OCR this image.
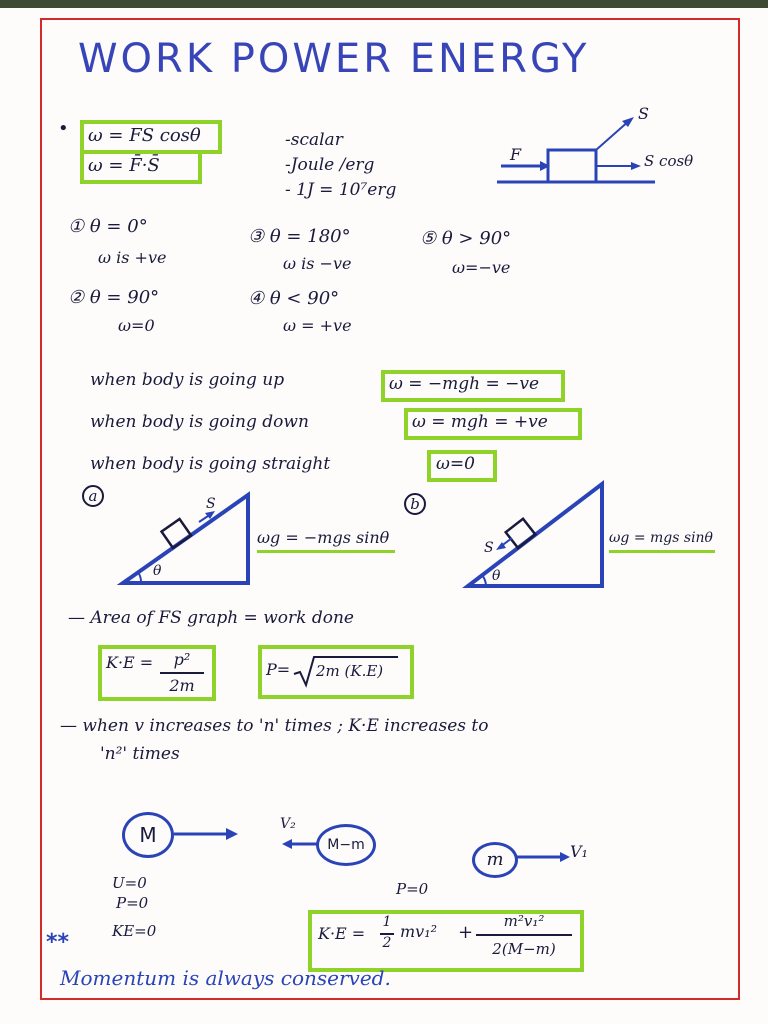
WORK POWER ENERGY
• ω = FS cosθ
ω = F̄·S̄
-scalar
-Joule /erg
- 1J = 10⁷erg
F
S
S cosθ
① θ = 0°
ω is +ve
② θ = 90°
ω=0
③ θ = 180°
ω is −ve
④ θ < 90°
ω = +ve
⑤ θ > 90°
ω=−ve
when body is going up	ω = −mgh = −ve
when body is going down	ω = mgh = +ve
when body is going straight	ω=0
a	S
θ
ωg = −mgs sinθ
b
S
θ
ωg = mgs sinθ
— Area of FS graph = work done
K·E =	p²
2m
P= 2m (K.E)
— when v increases to 'n' times ; K·E increases to
'n²' times
M	M−m
V₂
m	V₁
U=0
P=0
KE=0
P=0
K·E =
1
2
mv₁² +
m²v₁²
2(M−m)
**
Momentum is always conserved.
